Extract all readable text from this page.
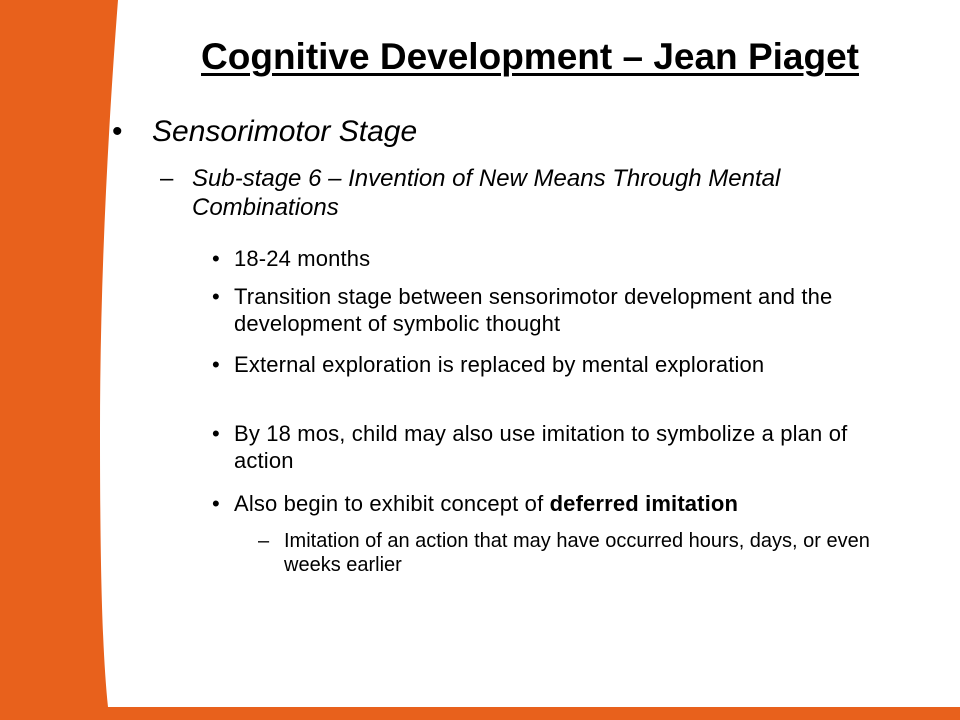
Cognitive Development – Jean Piaget
• Sensorimotor Stage
– Sub-stage 6 – Invention of New Means Through Mental Combinations
• 18-24 months
• Transition stage between sensorimotor development and the development of symbolic thought
• External exploration is replaced by mental exploration
• By 18 mos, child may also use imitation to symbolize a plan of action
• Also begin to exhibit concept of deferred imitation
– Imitation of an action that may have occurred hours, days, or even weeks earlier
